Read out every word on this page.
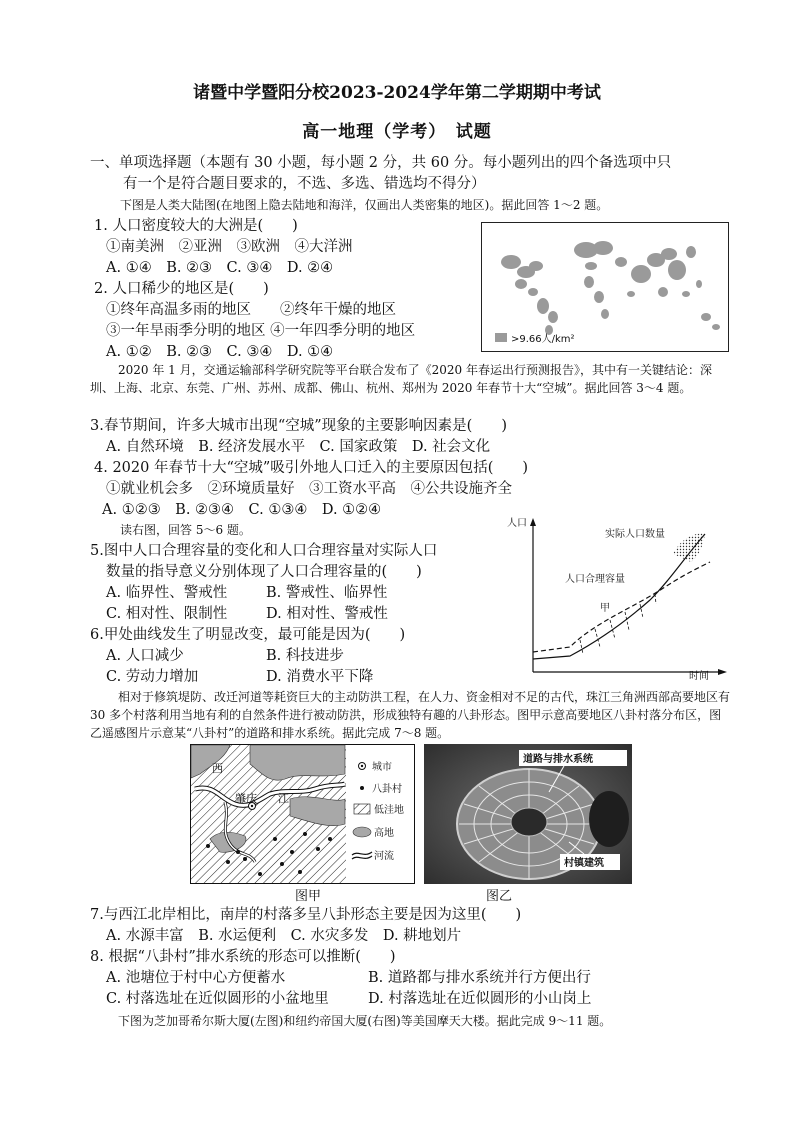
诸暨中学暨阳分校2023-2024学年第二学期期中考试
高一地理（学考）　试题
一、单项选择题（本题有 30 小题，每小题 2 分，共 60 分。每小题列出的四个备选项中只
有一个是符合题目要求的，不选、多选、错选均不得分）
下图是人类大陆图(在地图上隐去陆地和海洋，仅画出人类密集的地区)。据此回答 1～2 题。
1. 人口密度较大的大洲是(　　)
①南美洲　②亚洲　③欧洲　④大洋洲
A. ①④　B. ②③　C. ③④　D. ②④
2. 人口稀少的地区是(　　)
①终年高温多雨的地区　　②终年干燥的地区
③一年旱雨季分明的地区 ④一年四季分明的地区
A. ①②　B. ②③　C. ③④　D. ①④
>9.66人/km²
2020 年 1 月，交通运输部科学研究院等平台联合发布了《2020 年春运出行预测报告》，其中有一关键结论：深圳、上海、北京、东莞、广州、苏州、成都、佛山、杭州、郑州为 2020 年春节十大“空城”。据此回答 3～4 题。
3.春节期间，许多大城市出现“空城”现象的主要影响因素是(　　)
A. 自然环境　B. 经济发展水平　C. 国家政策　D. 社会文化
4. 2020 年春节十大“空城”吸引外地人口迁入的主要原因包括(　　)
①就业机会多　②环境质量好　③工资水平高　④公共设施齐全
A. ①②③　B. ②③④　C. ①③④　D. ①②④
读右图，回答 5～6 题。
5.图中人口合理容量的变化和人口合理容量对实际人口
数量的指导意义分别体现了人口合理容量的(　　)
A. 临界性、警戒性	B. 警戒性、临界性
C. 相对性、限制性	D. 相对性、警戒性
6.甲处曲线发生了明显改变，最可能是因为(　　)
A. 人口减少	B. 科技进步
C. 劳动力增加	D. 消费水平下降
人口
时间
实际人口数量
人口合理容量
甲
相对于修筑堤防、改迁河道等耗资巨大的主动防洪工程，在人力、资金相对不足的古代，珠江三角洲西部高要地区有 30 多个村落利用当地有利的自然条件进行被动防洪，形成独特有趣的八卦形态。图甲示意高要地区八卦村落分布区，图乙遥感图片示意某“八卦村”的道路和排水系统。据此完成 7～8 题。
西
肇庆 江
城市
八卦村
低洼地
高地
河流
图甲
道路与排水系统
村镇建筑
图乙
7.与西江北岸相比，南岸的村落多呈八卦形态主要是因为这里(　　)
A. 水源丰富　B. 水运便利　C. 水灾多发　D. 耕地划片
8. 根据“八卦村”排水系统的形态可以推断(　　)
A. 池塘位于村中心方便蓄水	B. 道路都与排水系统并行方便出行
C. 村落选址在近似圆形的小盆地里	D. 村落选址在近似圆形的小山岗上
下图为芝加哥希尔斯大厦(左图)和纽约帝国大厦(右图)等美国摩天大楼。据此完成 9～11 题。
